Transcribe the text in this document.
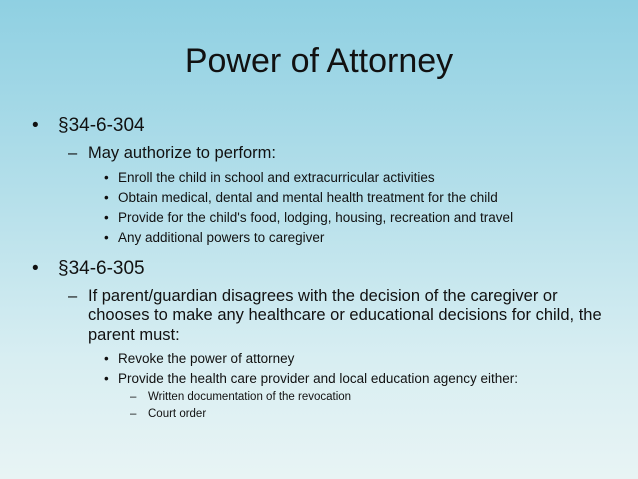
Power of Attorney
•	§34-6-304
– May authorize to perform:
• Enroll the child in school and extracurricular activities
• Obtain medical, dental and mental health treatment for the child
• Provide for the child's food, lodging, housing, recreation and travel
• Any additional powers to caregiver
•	§34-6-305
– If parent/guardian disagrees with the decision of the caregiver or chooses to make any healthcare or educational decisions for child, the parent must:
• Revoke the power of attorney
• Provide the health care provider and local education agency either:
–	Written documentation of the revocation
–	Court order
